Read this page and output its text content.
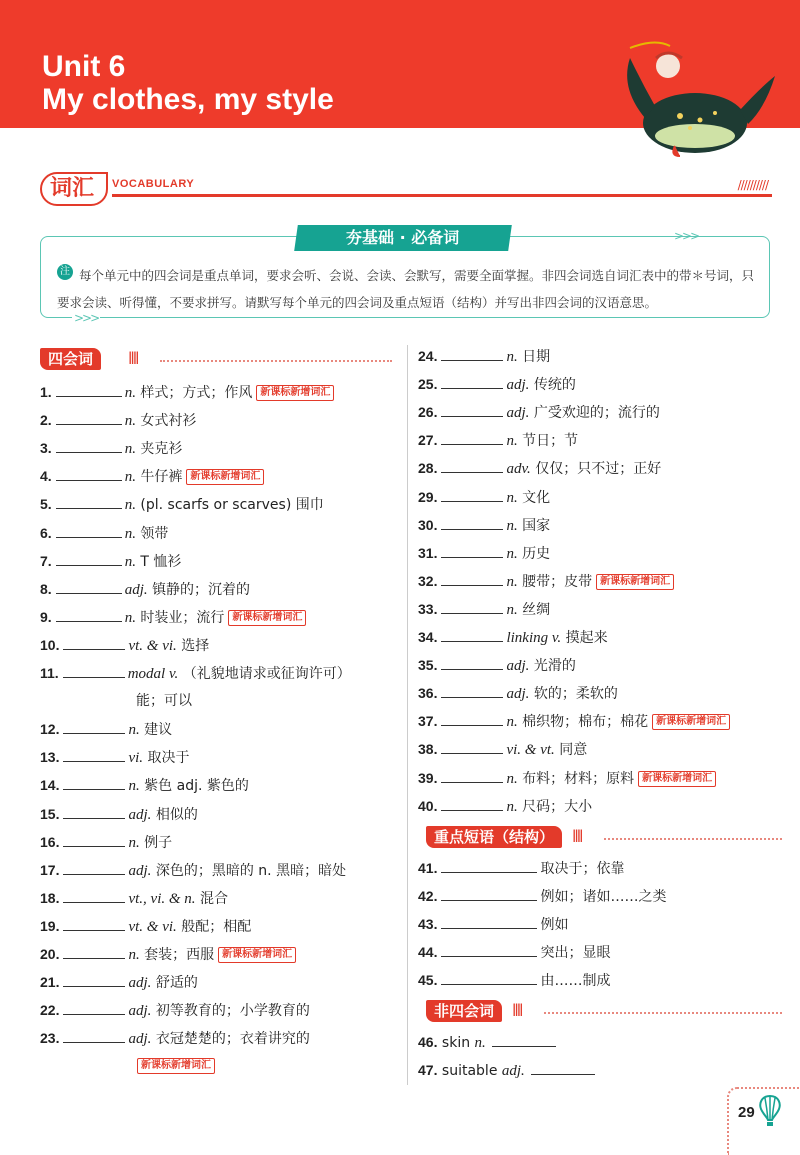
Unit 6
My clothes, my style
词汇	VOCABULARY	//////////
>>>
>>>
夯基础 · 必备词
注 每个单元中的四会词是重点单词，要求会听、会说、会读、会默写，需要全面掌握。非四会词选自词汇表中的带＊号词，只要求会读、听得懂，不要求拼写。请默写每个单元的四会词及重点短语（结构）并写出非四会词的汉语意思。
四会词	||||
1.	n. 样式；方式；作风 新课标新增词汇
2.	n. 女式衬衫
3.	n. 夹克衫
4.	n. 牛仔裤 新课标新增词汇
5.	n. (pl. scarfs or scarves) 围巾
6.	n. 领带
7.	n. T 恤衫
8.	adj. 镇静的；沉着的
9.	n. 时装业；流行 新课标新增词汇
10.	vt. & vi. 选择
11.	modal v. （礼貌地请求或征询许可）
能；可以
12.	n. 建议
13.	vi. 取决于
14.	n. 紫色 adj. 紫色的
15.	adj. 相似的
16.	n. 例子
17.	adj. 深色的；黑暗的 n. 黑暗；暗处
18.	vt., vi. & n. 混合
19.	vt. & vi. 般配；相配
20.	n. 套装；西服 新课标新增词汇
21.	adj. 舒适的
22.	adj. 初等教育的；小学教育的
23.	adj. 衣冠楚楚的；衣着讲究的
新课标新增词汇
24.	n. 日期
25.	adj. 传统的
26.	adj. 广受欢迎的；流行的
27.	n. 节日；节
28.	adv. 仅仅；只不过；正好
29.	n. 文化
30.	n. 国家
31.	n. 历史
32.	n. 腰带；皮带 新课标新增词汇
33.	n. 丝绸
34.	linking v. 摸起来
35.	adj. 光滑的
36.	adj. 软的；柔软的
37.	n. 棉织物；棉布；棉花 新课标新增词汇
38.	vi. & vt. 同意
39.	n. 布料；材料；原料 新课标新增词汇
40.	n. 尺码；大小
重点短语（结构）	||||
41.	取决于；依靠
42.	例如；诸如……之类
43.	例如
44.	突出；显眼
45.	由……制成
非四会词	||||
46. skin n.
47. suitable adj.
29
